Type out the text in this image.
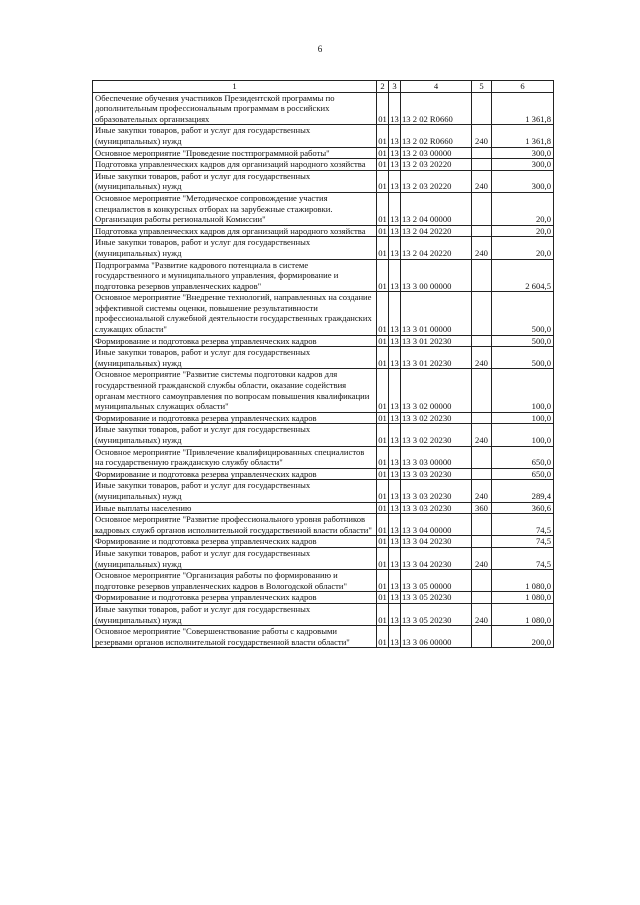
6
1	2	3	4	5	6
Обеспечение обучения участников Президентской программы по дополнительным профессиональным программам в российских образовательных организациях	01	13	13 2 02 R0660		1 361,8
Иные закупки товаров, работ и услуг для государственных (муниципальных) нужд	01	13	13 2 02 R0660	240	1 361,8
Основное мероприятие "Проведение постпрограммной работы"	01	13	13 2 03 00000		300,0
Подготовка управленческих кадров для организаций народного хозяйства	01	13	13 2 03 20220		300,0
Иные закупки товаров, работ и услуг для государственных (муниципальных) нужд	01	13	13 2 03 20220	240	300,0
Основное мероприятие "Методическое сопровождение участия специалистов в конкурсных отборах на зарубежные стажировки. Организация работы региональной Комиссии"	01	13	13 2 04 00000		20,0
Подготовка управленческих кадров для организаций народного хозяйства	01	13	13 2 04 20220		20,0
Иные закупки товаров, работ и услуг для государственных (муниципальных) нужд	01	13	13 2 04 20220	240	20,0
Подпрограмма "Развитие кадрового потенциала в системе государственного и муниципального управления, формирование и подготовка резервов управленческих кадров"	01	13	13 3 00 00000		2 604,5
Основное мероприятие "Внедрение технологий, направленных на создание эффективной системы оценки, повышение результативности профессиональной служебной деятельности государственных гражданских служащих области"	01	13	13 3 01 00000		500,0
Формирование и подготовка резерва управленческих кадров	01	13	13 3 01 20230		500,0
Иные закупки товаров, работ и услуг для государственных (муниципальных) нужд	01	13	13 3 01 20230	240	500,0
Основное мероприятие "Развитие системы подготовки кадров для государственной гражданской службы области, оказание содействия органам местного самоуправления по вопросам повышения квалификации муниципальных служащих области"	01	13	13 3 02 00000		100,0
Формирование и подготовка резерва управленческих кадров	01	13	13 3 02 20230		100,0
Иные закупки товаров, работ и услуг для государственных (муниципальных) нужд	01	13	13 3 02 20230	240	100,0
Основное мероприятие "Привлечение квалифицированных специалистов на государственную гражданскую службу области"	01	13	13 3 03 00000		650,0
Формирование и подготовка резерва управленческих кадров	01	13	13 3 03 20230		650,0
Иные закупки товаров, работ и услуг для государственных (муниципальных) нужд	01	13	13 3 03 20230	240	289,4
Иные выплаты населению	01	13	13 3 03 20230	360	360,6
Основное мероприятие "Развитие профессионального уровня работников кадровых служб органов исполнительной государственной власти области"	01	13	13 3 04 00000		74,5
Формирование и подготовка резерва управленческих кадров	01	13	13 3 04 20230		74,5
Иные закупки товаров, работ и услуг для государственных (муниципальных) нужд	01	13	13 3 04 20230	240	74,5
Основное мероприятие "Организация работы по формированию и подготовке резервов управленческих кадров в Вологодской области"	01	13	13 3 05 00000		1 080,0
Формирование и подготовка резерва управленческих кадров	01	13	13 3 05 20230		1 080,0
Иные закупки товаров, работ и услуг для государственных (муниципальных) нужд	01	13	13 3 05 20230	240	1 080,0
Основное мероприятие "Совершенствование работы с кадровыми резервами органов исполнительной государственной власти области"	01	13	13 3 06 00000		200,0
